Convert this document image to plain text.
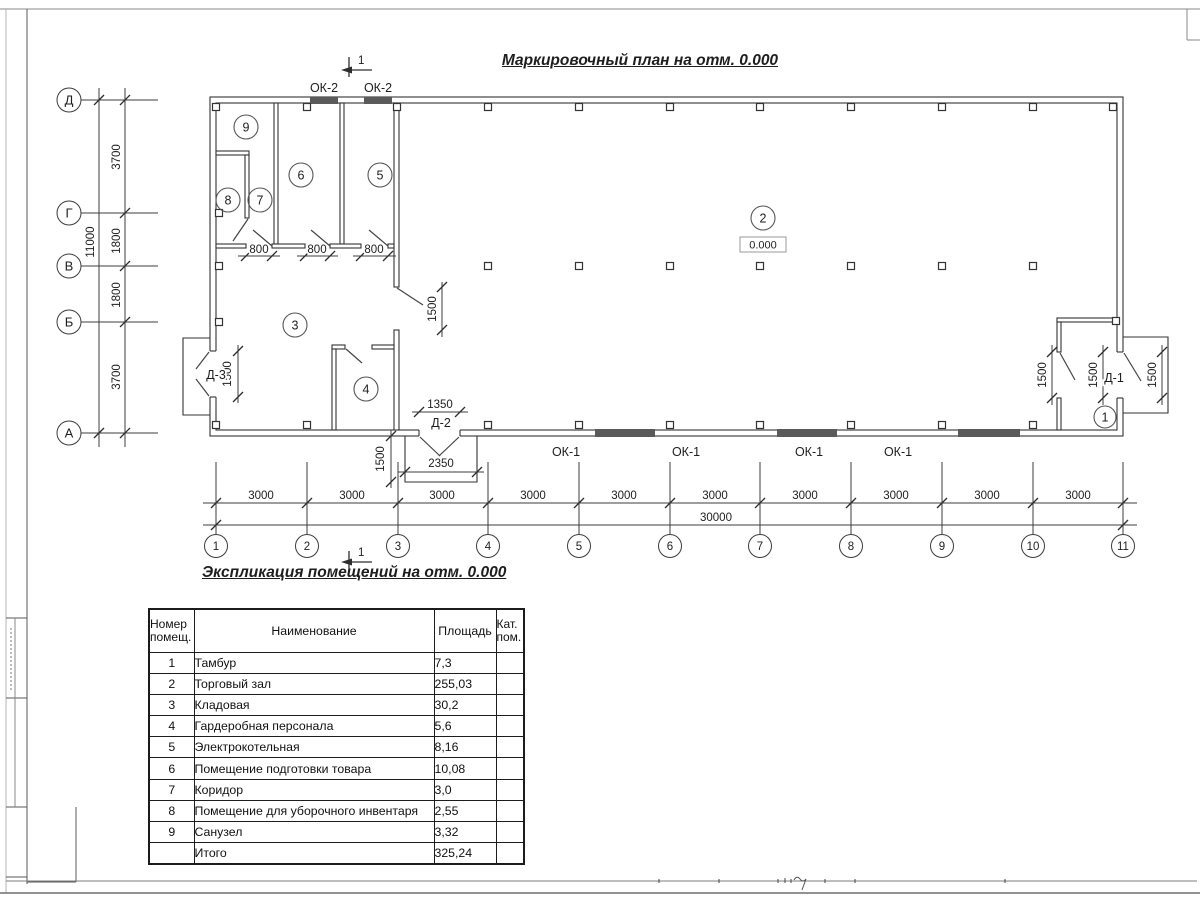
Д
Г
В
Б
А
3700
1800
1800
3700
11000
1	2	3	4	5	6	7	8	9	10	11
3000	3000	3000	3000	3000	3000	3000	3000	3000	3000
30000
800	800	800
1500
1500
1350
1500	2350
1500	1500	1500
9
6	5
8 7
3
4
2
1
0.000
ОК-2 ОК-2
ОК-1	ОК-1	ОК-1	ОК-1
Д-3
Д-2
Д-1
1
1
Маркировочный план на отм. 0.000
Экспликация помещений на отм. 0.000
Номер
помещ.	Наименование	Площадь	Кат.
пом.

1	Тамбур	7,3	
2	Торговый зал	255,03	
3	Кладовая	30,2	
4	Гардеробная персонала	5,6	
5	Электрокотельная	8,16	
6	Помещение подготовки товара	10,08	
7	Коридор	3,0	
8	Помещение для уборочного инвентаря	2,55	
9	Санузел	3,32	
	Итого	325,24	
